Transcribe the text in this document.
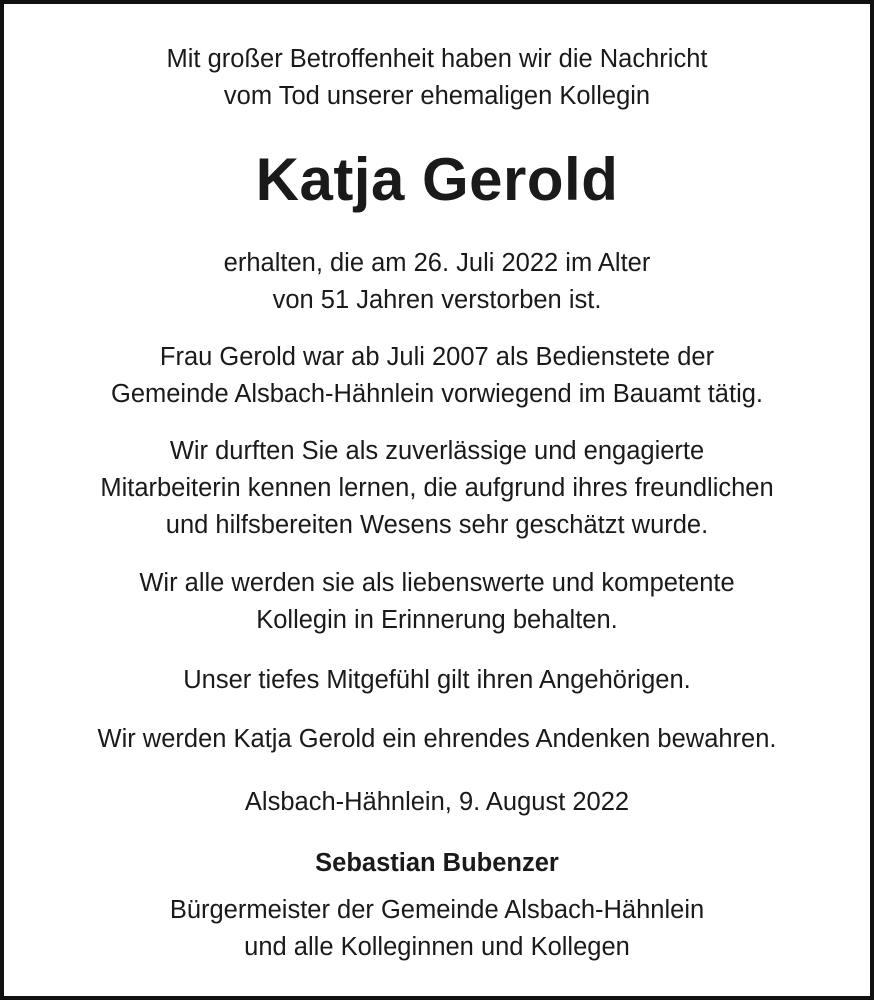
Mit großer Betroffenheit haben wir die Nachricht
vom Tod unserer ehemaligen Kollegin
Katja Gerold
erhalten, die am 26. Juli 2022 im Alter
von 51 Jahren verstorben ist.
Frau Gerold war ab Juli 2007 als Bedienstete der
Gemeinde Alsbach-Hähnlein vorwiegend im Bauamt tätig.
Wir durften Sie als zuverlässige und engagierte
Mitarbeiterin kennen lernen, die aufgrund ihres freundlichen
und hilfsbereiten Wesens sehr geschätzt wurde.
Wir alle werden sie als liebenswerte und kompetente
Kollegin in Erinnerung behalten.
Unser tiefes Mitgefühl gilt ihren Angehörigen.
Wir werden Katja Gerold ein ehrendes Andenken bewahren.
Alsbach-Hähnlein, 9. August 2022
Sebastian Bubenzer
Bürgermeister der Gemeinde Alsbach-Hähnlein
und alle Kolleginnen und Kollegen
